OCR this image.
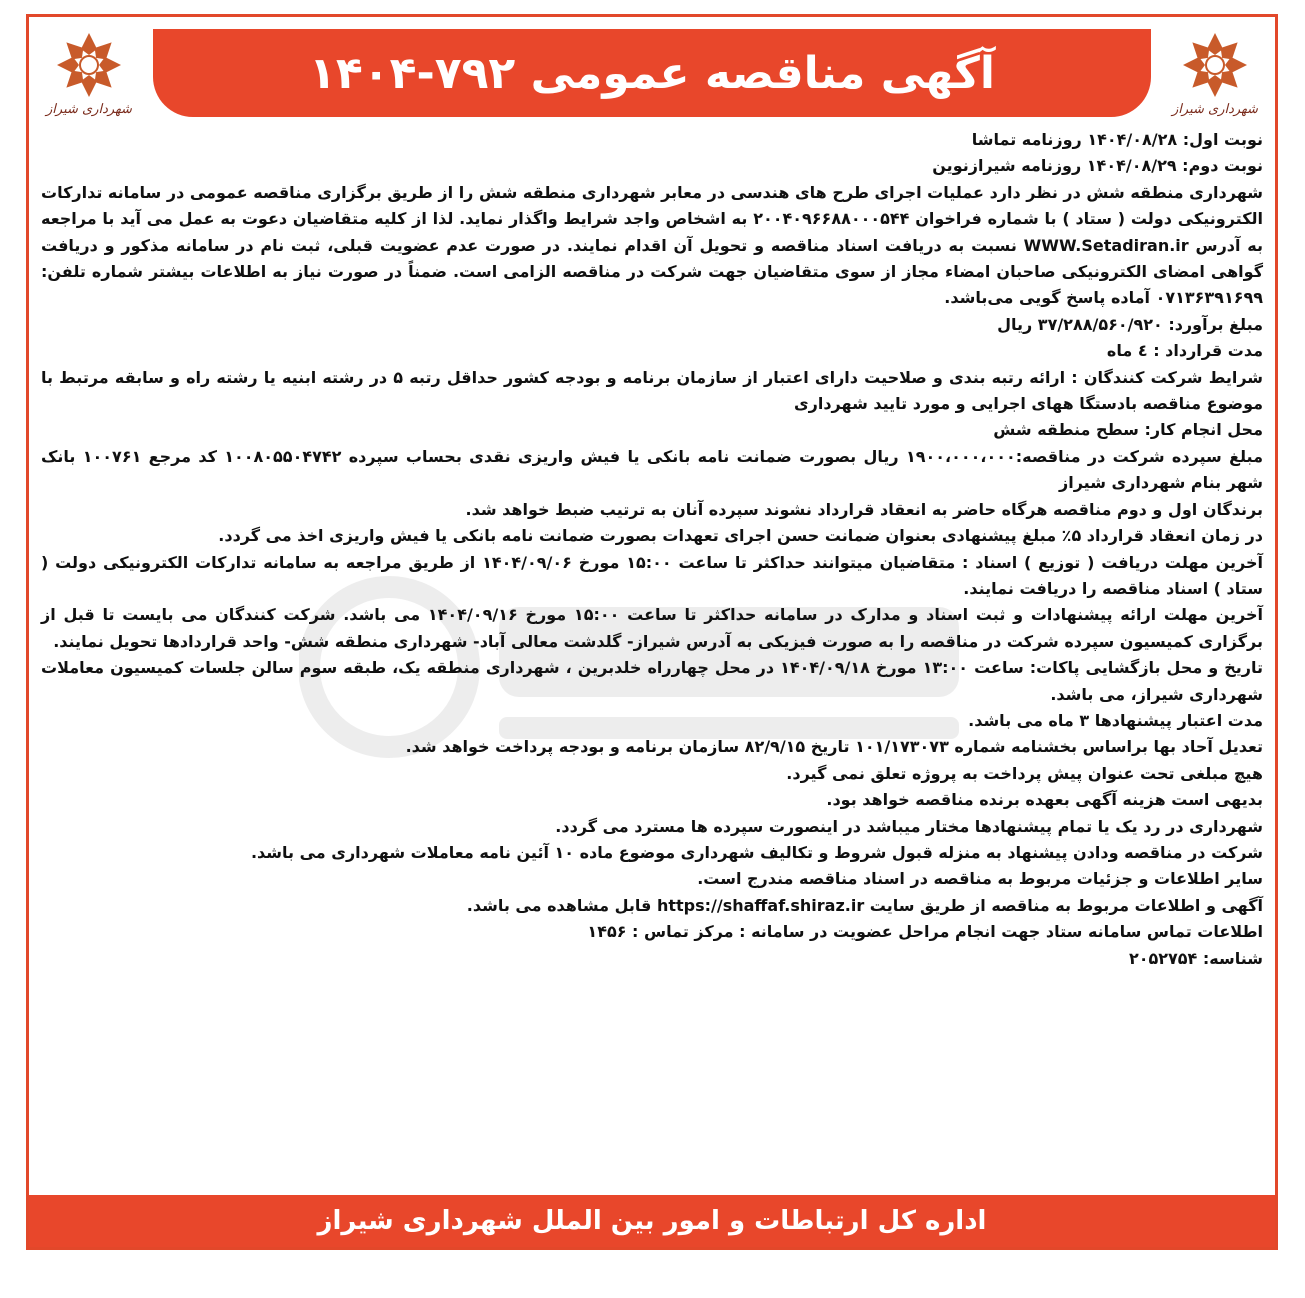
شهرداری شیراز
آگهی مناقصه عمومی ۷۹۲-۱۴۰۴
شهرداری شیراز

نوبت اول: ۱۴۰۴/۰۸/۲۸ روزنامه تماشا

نوبت دوم: ۱۴۰۴/۰۸/۲۹ روزنامه شیرازنوین

شهرداری منطقه شش در نظر دارد عملیات اجرای طرح های هندسی در معابر شهرداری منطقه شش را از طریق برگزاری مناقصه عمومی در سامانه تدارکات الکترونیکی دولت ( ستاد ) با شماره فراخوان ۲۰۰۴۰۹۶۶۸۸۰۰۰۵۴۴ به اشخاص واجد شرایط واگذار نماید. لذا از کلیه متقاضیان دعوت به عمل می آید با مراجعه به آدرس WWW.Setadiran.ir نسبت به دریافت اسناد مناقصه و تحویل آن اقدام نمایند. در صورت عدم عضویت قبلی، ثبت نام در سامانه مذکور و دریافت گواهی امضای الکترونیکی صاحبان امضاء مجاز از سوی متقاضیان جهت شرکت در مناقصه الزامی است. ضمناً در صورت نیاز به اطلاعات بیشتر شماره تلفن: ۰۷۱۳۶۳۹۱۶۹۹ آماده پاسخ گویی می‌باشد.

مبلغ برآورد: ۳۷/۲۸۸/۵۶۰/۹۲۰ ریال

مدت قرارداد : ٤ ماه

شرایط شرکت کنندگان : ارائه رتبه بندی و صلاحیت دارای اعتبار از سازمان برنامه و بودجه کشور حداقل رتبه ۵ در رشته ابنیه یا رشته راه و سابقه مرتبط با موضوع مناقصه بادستگا ههای اجرایی و مورد تایید شهرداری

محل انجام کار: سطح منطقه شش

مبلغ سپرده شرکت در مناقصه:۱۹۰۰،۰۰۰،۰۰۰ ریال بصورت ضمانت نامه بانکی یا فیش واریزی نقدی بحساب سپرده ۱۰۰۸۰۵۵۰۴۷۴۲ کد مرجع ۱۰۰۷۶۱ بانک شهر بنام شهرداری شیراز

برندگان اول و دوم مناقصه هرگاه حاضر به انعقاد قرارداد نشوند سپرده آنان به ترتیب ضبط خواهد شد.

در زمان انعقاد قرارداد ۵٪ مبلغ پیشنهادی بعنوان ضمانت حسن اجرای تعهدات بصورت ضمانت نامه بانکی یا فیش واریزی اخذ می گردد.

آخرین مهلت دریافت ( توزیع ) اسناد : متقاضیان میتوانند حداکثر تا ساعت ۱۵:۰۰ مورخ ۱۴۰۴/۰۹/۰۶ از طریق مراجعه به سامانه تدارکات الکترونیکی دولت ( ستاد ) اسناد مناقصه را دریافت نمایند.

آخرین مهلت ارائه پیشنهادات و ثبت اسناد و مدارک در سامانه حداکثر تا ساعت ۱۵:۰۰ مورخ ۱۴۰۴/۰۹/۱۶ می باشد. شرکت کنندگان می بایست تا قبل از برگزاری کمیسیون سپرده شرکت در مناقصه را به صورت فیزیکی به آدرس شیراز- گلدشت معالی آباد- شهرداری منطقه شش- واحد قراردادها تحویل نمایند.

تاریخ و محل بازگشایی پاکات: ساعت ۱۳:۰۰ مورخ ۱۴۰۴/۰۹/۱۸ در محل چهارراه خلدبرین ، شهرداری منطقه یک، طبقه سوم سالن جلسات کمیسیون معاملات شهرداری شیراز، می باشد.

مدت اعتبار پیشنهادها ۳ ماه می باشد.

تعدیل آحاد بها براساس بخشنامه شماره ۱۰۱/۱۷۳۰۷۳ تاریخ ۸۲/۹/۱۵ سازمان برنامه و بودجه پرداخت خواهد شد.

هیچ مبلغی تحت عنوان پیش پرداخت به پروژه تعلق نمی گیرد.

بدیهی است هزینه آگهی بعهده برنده مناقصه خواهد بود.

شهرداری در رد یک یا تمام پیشنهادها مختار میباشد در اینصورت سپرده ها مسترد می گردد.

شرکت در مناقصه ودادن پیشنهاد به منزله قبول شروط و تکالیف شهرداری موضوع ماده ۱۰ آئین نامه معاملات شهرداری می باشد.

سایر اطلاعات و جزئیات مربوط به مناقصه در اسناد مناقصه مندرج است.

آگهی و اطلاعات مربوط به مناقصه از طریق سایت https://shaffaf.shiraz.ir قابل مشاهده می باشد.

اطلاعات تماس سامانه ستاد جهت انجام مراحل عضویت در سامانه : مرکز تماس : ۱۴۵۶

شناسه: ۲۰۵۲۷۵۴

اداره کل ارتباطات و امور بین الملل شهرداری شیراز
